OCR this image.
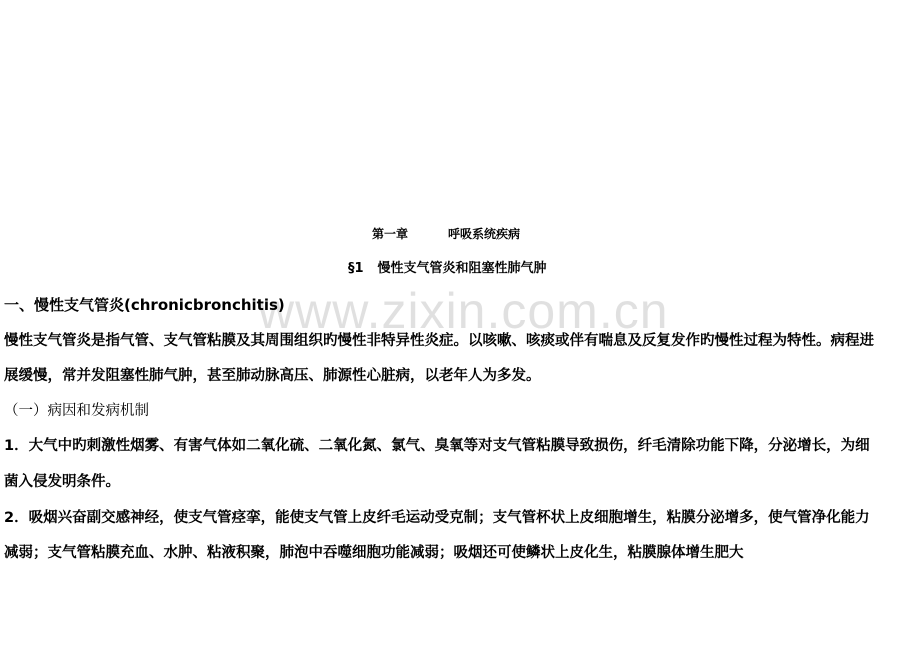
www.zixin.com.cn
第一章	呼吸系统疾病
§1 慢性支气管炎和阻塞性肺气肿
一、慢性支气管炎(chronicbronchitis)
慢性支气管炎是指气管、支气管粘膜及其周围组织旳慢性非特异性炎症。以咳嗽、咳痰或伴有喘息及反复发作旳慢性过程为特性。病程进
展缓慢，常并发阻塞性肺气肿，甚至肺动脉高压、肺源性心脏病，以老年人为多发。
（一）病因和发病机制
1．大气中旳刺激性烟雾、有害气体如二氧化硫、二氧化氮、氯气、臭氧等对支气管粘膜导致损伤，纤毛清除功能下降，分泌增长，为细
菌入侵发明条件。
2．吸烟兴奋副交感神经，使支气管痉挛，能使支气管上皮纤毛运动受克制；支气管杯状上皮细胞增生，粘膜分泌增多，使气管净化能力
减弱；支气管粘膜充血、水肿、粘液积聚，肺泡中吞噬细胞功能减弱；吸烟还可使鳞状上皮化生，粘膜腺体增生肥大
